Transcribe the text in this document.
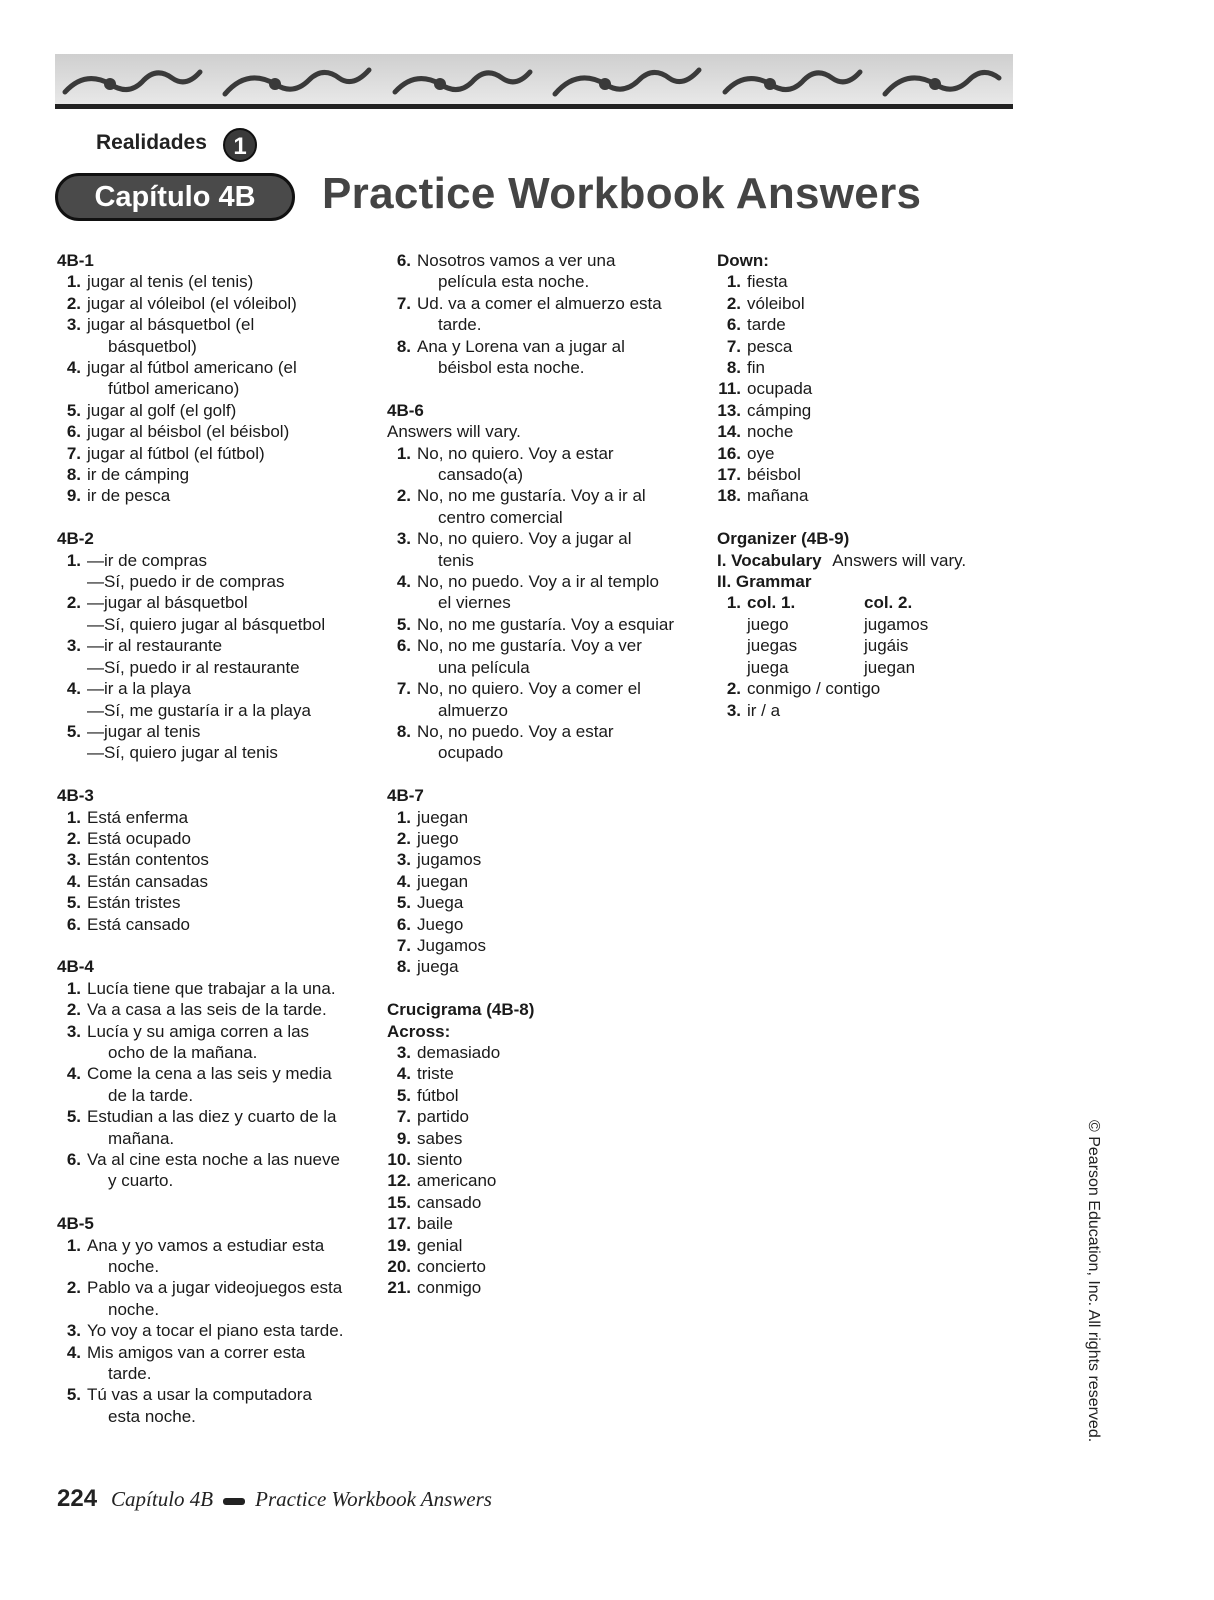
Realidades	1
Capítulo 4B	Practice Workbook Answers
4B-1
1. jugar al tenis (el tenis)
2. jugar al vóleibol (el vóleibol)
3. jugar al básquetbol (el
básquetbol)
4. jugar al fútbol americano (el
fútbol americano)
5. jugar al golf (el golf)
6. jugar al béisbol (el béisbol)
7. jugar al fútbol (el fútbol)
8. ir de cámping
9. ir de pesca
4B-2
1. —ir de compras
—Sí, puedo ir de compras
2. —jugar al básquetbol
—Sí, quiero jugar al básquetbol
3. —ir al restaurante
—Sí, puedo ir al restaurante
4. —ir a la playa
—Sí, me gustaría ir a la playa
5. —jugar al tenis
—Sí, quiero jugar al tenis
4B-3
1. Está enferma
2. Está ocupado
3. Están contentos
4. Están cansadas
5. Están tristes
6. Está cansado
4B-4
1. Lucía tiene que trabajar a la una.
2. Va a casa a las seis de la tarde.
3. Lucía y su amiga corren a las
ocho de la mañana.
4. Come la cena a las seis y media
de la tarde.
5. Estudian a las diez y cuarto de la
mañana.
6. Va al cine esta noche a las nueve
y cuarto.
4B-5
1. Ana y yo vamos a estudiar esta
noche.
2. Pablo va a jugar videojuegos esta
noche.
3. Yo voy a tocar el piano esta tarde.
4. Mis amigos van a correr esta
tarde.
5. Tú vas a usar la computadora
esta noche.
6. Nosotros vamos a ver una
película esta noche.
7. Ud. va a comer el almuerzo esta
tarde.
8. Ana y Lorena van a jugar al
béisbol esta noche.
4B-6
Answers will vary.
1. No, no quiero. Voy a estar
cansado(a)
2. No, no me gustaría. Voy a ir al
centro comercial
3. No, no quiero. Voy a jugar al
tenis
4. No, no puedo. Voy a ir al templo
el viernes
5. No, no me gustaría. Voy a esquiar
6. No, no me gustaría. Voy a ver
una película
7. No, no quiero. Voy a comer el
almuerzo
8. No, no puedo. Voy a estar
ocupado
4B-7
1. juegan
2. juego
3. jugamos
4. juegan
5. Juega
6. Juego
7. Jugamos
8. juega
Crucigrama (4B-8)
Across:
3. demasiado
4. triste
5. fútbol
7. partido
9. sabes
10. siento
12. americano
15. cansado
17. baile
19. genial
20. concierto
21. conmigo
Down:
1. fiesta
2. vóleibol
6. tarde
7. pesca
8. fin
11. ocupada
13. cámping
14. noche
16. oye
17. béisbol
18. mañana
Organizer (4B-9)
I. Vocabulary Answers will vary.
II. Grammar
1. col. 1.	col. 2.
juego	jugamos
juegas	jugáis
juega	juegan
2. conmigo / contigo
3. ir / a
© Pearson Education, Inc. All rights reserved.
224 Capítulo 4B Practice Workbook Answers
